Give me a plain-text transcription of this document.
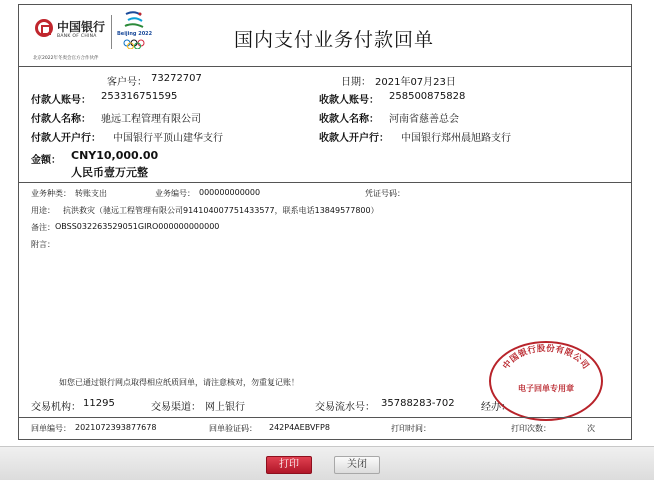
中国银行
BANK OF CHINA	Beijing 2022
北京2022年冬奥会官方合作伙伴
国内支付业务付款回单
客户号： 73272707	日期： 2021年07月23日
付款人账号： 253316751595	收款人账号： 258500875828
付款人名称： 驰远工程管理有限公司	收款人名称： 河南省慈善总会
付款人开户行： 中国银行平顶山建华支行	收款人开户行： 中国银行郑州晨旭路支行
金额： CNY10,000.00
人民币壹万元整
业务种类： 转账支出	业务编号： 000000000000	凭证号码：
用途： 抗洪救灾（驰远工程管理有限公司914104007751433577，联系电话13849577800）
备注： OBSS032263529051GIRO000000000000
附言：
中国银行股份有限公司
电子回单专用章
如您已通过银行网点取得相应纸质回单，请注意核对，勿重复记账！
交易机构： 11295	交易渠道： 网上银行	交易流水号： 35788283-702	经办：
回单编号： 2021072393877678	回单验证码： 242P4AEBVFP8	打印时间：	打印次数：	次
打印	关闭
